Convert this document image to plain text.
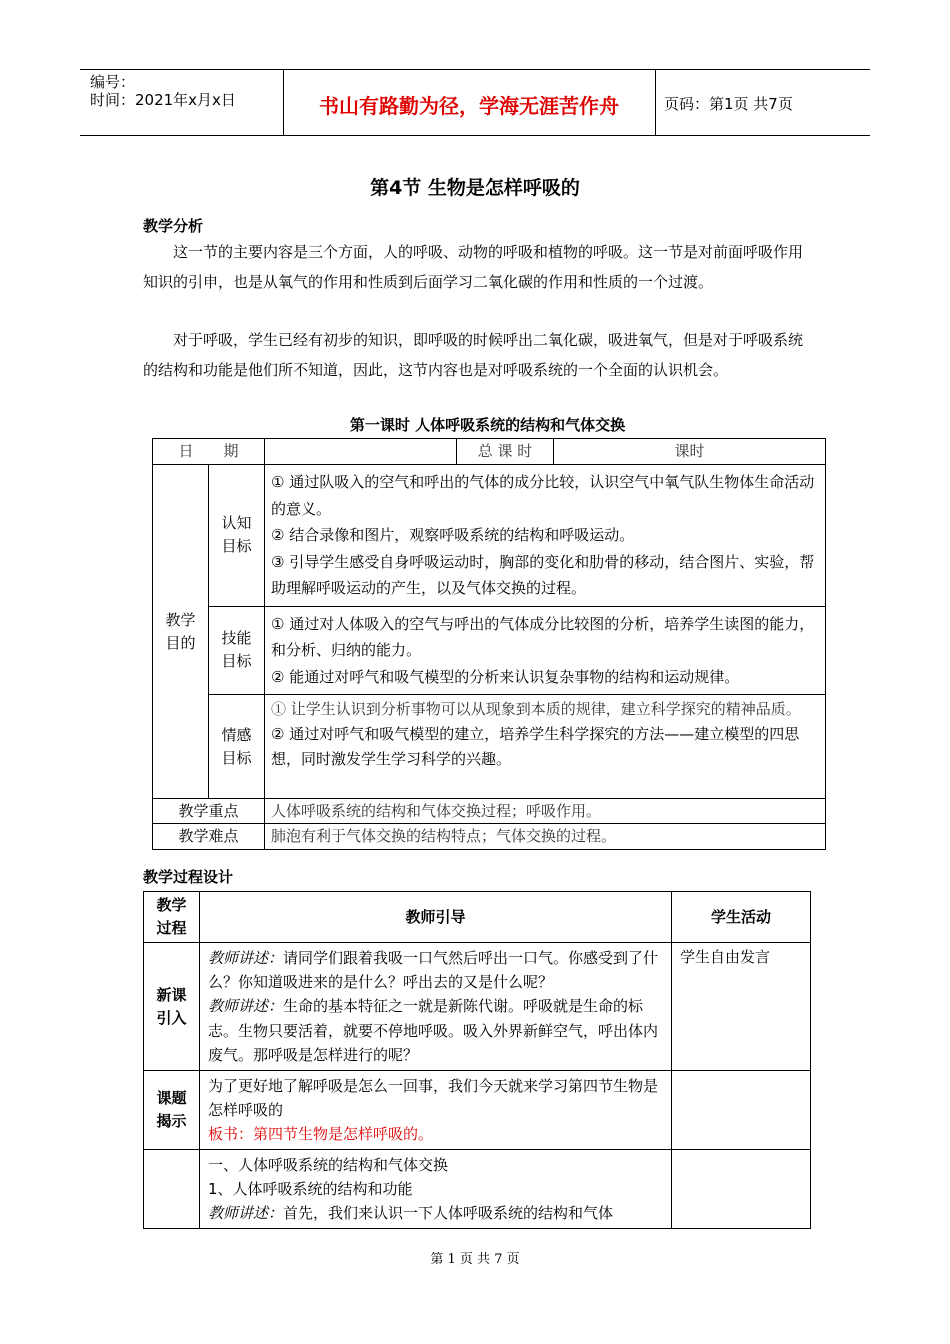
编号：
时间：2021年x月x日	书山有路勤为径，学海无涯苦作舟	页码：第1页 共7页
第4节 生物是怎样呼吸的
教学分析
这一节的主要内容是三个方面，人的呼吸、动物的呼吸和植物的呼吸。这一节是对前面呼吸作用知识的引申，也是从氧气的作用和性质到后面学习二氧化碳的作用和性质的一个过渡。
对于呼吸，学生已经有初步的知识，即呼吸的时候呼出二氧化碳，吸进氧气，但是对于呼吸系统的结构和功能是他们所不知道，因此，这节内容也是对呼吸系统的一个全面的认识机会。
第一课时 人体呼吸系统的结构和气体交换
日　　期			总 课 时	课时
教学目的	认知目标	① 通过队吸入的空气和呼出的气体的成分比较，认识空气中氧气队生物体生命活动的意义。
② 结合录像和图片，观察呼吸系统的结构和呼吸运动。
③ 引导学生感受自身呼吸运动时，胸部的变化和肋骨的移动，结合图片、实验，帮助理解呼吸运动的产生，以及气体交换的过程。		

	技能目标	① 通过对人体吸入的空气与呼出的气体成分比较图的分析，培养学生读图的能力，和分析、归纳的能力。
② 能通过对呼气和吸气模型的分析来认识复杂事物的结构和运动规律。		

	情感目标	① 让学生认识到分析事物可以从现象到本质的规律，建立科学探究的精神品质。
② 通过对呼气和吸气模型的建立，培养学生科学探究的方法——建立模型的四思想，同时激发学生学习科学的兴趣。		

教学重点		人体呼吸系统的结构和气体交换过程；呼吸作用。		
教学难点		肺泡有利于气体交换的结构特点；气体交换的过程。		
教学过程设计
教学过程	教师引导	学生活动
新课引入	教师讲述：请同学们跟着我吸一口气然后呼出一口气。你感受到了什么？你知道吸进来的是什么？呼出去的又是什么呢？
教师讲述：生命的基本特征之一就是新陈代谢。呼吸就是生命的标志。生物只要活着，就要不停地呼吸。吸入外界新鲜空气，呼出体内废气。那呼吸是怎样进行的呢？	学生自由发言
课题揭示	为了更好地了解呼吸是怎么一回事，我们今天就来学习第四节生物是怎样呼吸的
板书：第四节生物是怎样呼吸的。	

	一、人体呼吸系统的结构和气体交换
1、人体呼吸系统的结构和功能
教师讲述：首先，我们来认识一下人体呼吸系统的结构和气体	

第 1 页 共 7 页
